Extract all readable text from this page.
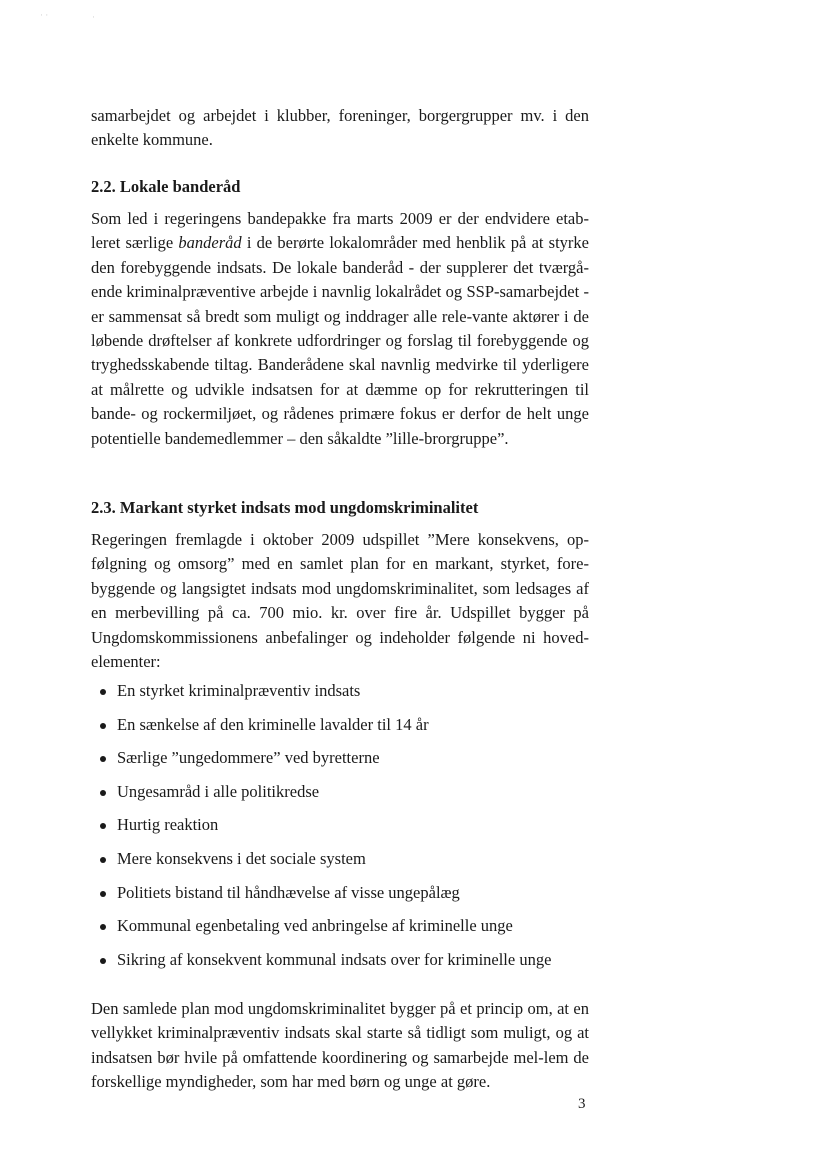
· ·	·
samarbejdet og arbejdet i klubber, foreninger, borgergrupper mv. i den enkelte kommune.
2.2. Lokale banderåd
Som led i regeringens bandepakke fra marts 2009 er der endvidere etab-leret særlige banderåd i de berørte lokalområder med henblik på at styrke den forebyggende indsats. De lokale banderåd - der supplerer det tværgå-ende kriminalpræventive arbejde i navnlig lokalrådet og SSP-samarbejdet - er sammensat så bredt som muligt og inddrager alle rele-vante aktører i de løbende drøftelser af konkrete udfordringer og forslag til forebyggende og tryghedsskabende tiltag. Banderådene skal navnlig medvirke til yderligere at målrette og udvikle indsatsen for at dæmme op for rekrutteringen til bande- og rockermiljøet, og rådenes primære fokus er derfor de helt unge potentielle bandemedlemmer – den såkaldte ”lille-brorgruppe”.
2.3. Markant styrket indsats mod ungdomskriminalitet
Regeringen fremlagde i oktober 2009 udspillet ”Mere konsekvens, op-følgning og omsorg” med en samlet plan for en markant, styrket, fore-byggende og langsigtet indsats mod ungdomskriminalitet, som ledsages af en merbevilling på ca. 700 mio. kr. over fire år. Udspillet bygger på Ungdomskommissionens anbefalinger og indeholder følgende ni hoved-elementer:
En styrket kriminalpræventiv indsats
En sænkelse af den kriminelle lavalder til 14 år
Særlige ”ungedommere” ved byretterne
Ungesamråd i alle politikredse
Hurtig reaktion
Mere konsekvens i det sociale system
Politiets bistand til håndhævelse af visse ungepålæg
Kommunal egenbetaling ved anbringelse af kriminelle unge
Sikring af konsekvent kommunal indsats over for kriminelle unge
Den samlede plan mod ungdomskriminalitet bygger på et princip om, at en vellykket kriminalpræventiv indsats skal starte så tidligt som muligt, og at indsatsen bør hvile på omfattende koordinering og samarbejde mel-lem de forskellige myndigheder, som har med børn og unge at gøre.
3
